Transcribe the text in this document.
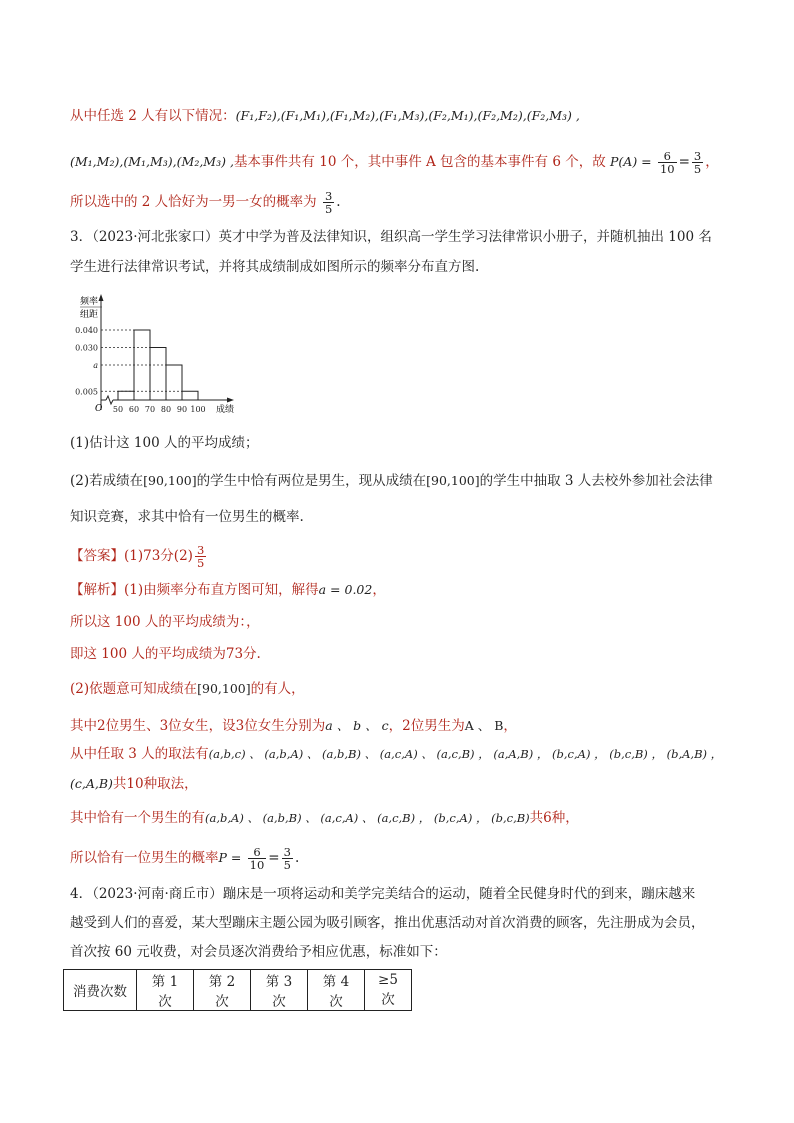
从中任选 2 人有以下情况：(F₁,F₂),(F₁,M₁),(F₁,M₂),(F₁,M₃),(F₂,M₁),(F₂,M₂),(F₂,M₃) ,
(M₁,M₂),(M₁,M₃),(M₂,M₃) ,基本事件共有 10 个，其中事件 A 包含的基本事件有 6 个，故 $P(A) = \frac{6}{10} = \frac{3}{5}$ ，
所以选中的 2 人恰好为一男一女的概率为 $\frac{3}{5}$ .
3．（2023·河北张家口）英才中学为普及法律知识，组织高一学生学习法律常识小册子，并随机抽出 100 名
学生进行法律常识考试，并将其成绩制成如图所示的频率分布直方图.
0.005
a
0.030
0.040
50 60 70 80 90 100
频率
组距
O	成绩
(1)估计这 100 人的平均成绩；
(2)若成绩在[90,100]的学生中恰有两位是男生，现从成绩在[90,100]的学生中抽取 3 人去校外参加社会法律
知识竞赛，求其中恰有一位男生的概率.
【答案】(1)73分$(2) \frac{3}{5}$
【解析】(1)由频率分布直方图可知，解得a = 0.02，
所以这 100 人的平均成绩为：，
即这 100 人的平均成绩为73分.
(2)依题意可知成绩在[90,100]的有人，
其中2位男生、3位女生，设3位女生分别为a 、 b 、 c，2位男生为A 、 B，
从中任取 3 人的取法有(a,b,c) 、 (a,b,A) 、 (a,b,B) 、 (a,c,A) 、 (a,c,B) ， (a,A,B) ， (b,c,A) ， (b,c,B) ， (b,A,B) ，
(c,A,B)共10种取法，
其中恰有一个男生的有(a,b,A) 、 (a,b,B) 、 (a,c,A) 、 (a,c,B) ， (b,c,A) ， (b,c,B)共6种，
所以恰有一位男生的概率$P = \frac{6}{10} = \frac{3}{5}$ .
4．（2023·河南·商丘市）蹦床是一项将运动和美学完美结合的运动，随着全民健身时代的到来，蹦床越来
越受到人们的喜爱，某大型蹦床主题公园为吸引顾客，推出优惠活动对首次消费的顾客，先注册成为会员，
首次按 60 元收费，对会员逐次消费给予相应优惠，标准如下：
消费次数	第 1 次	第 2 次	第 3 次	第 4 次	≥5 次
